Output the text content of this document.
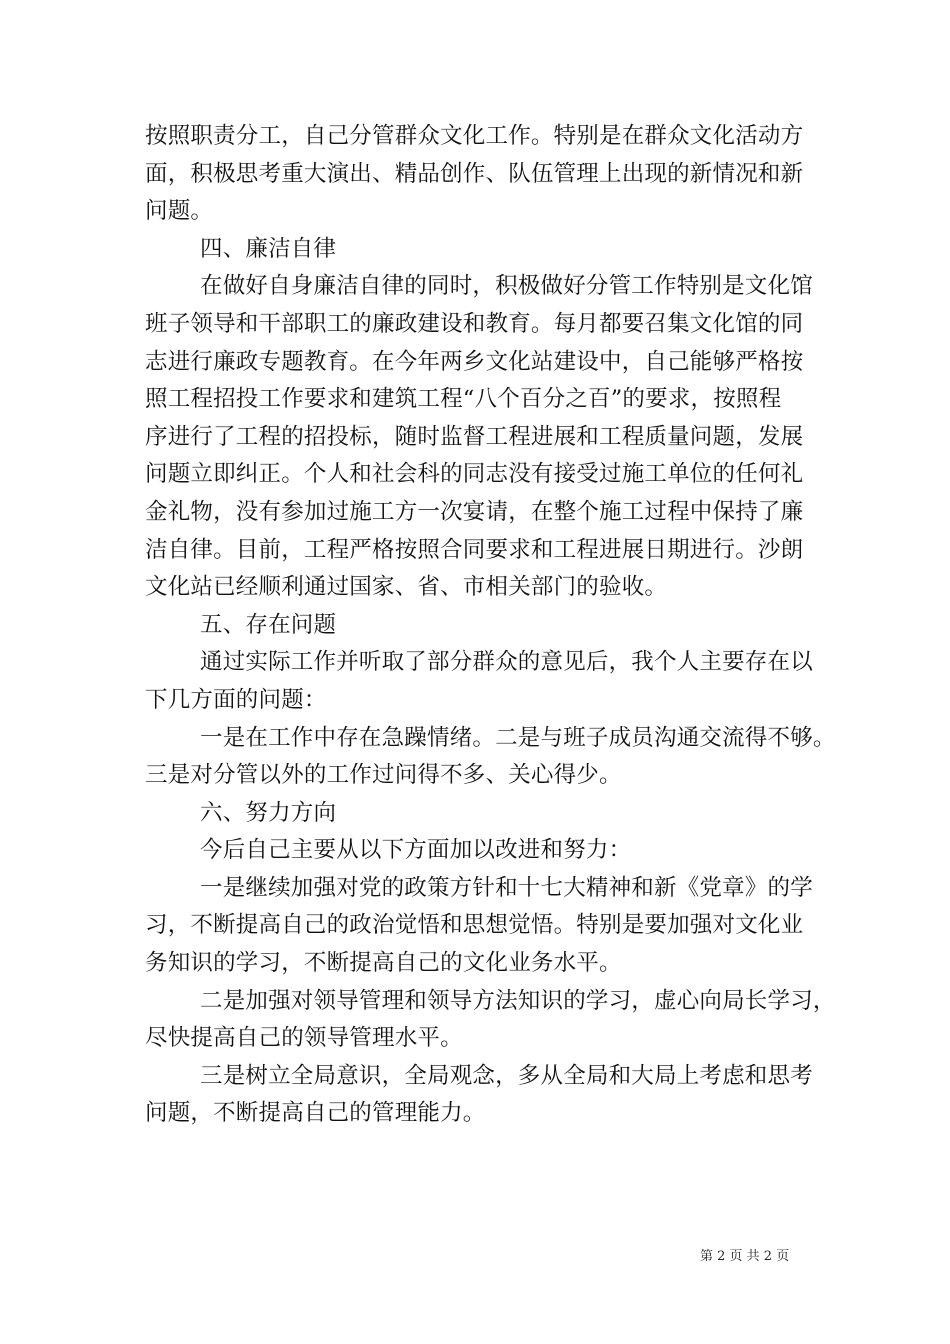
按照职责分工，自己分管群众文化工作。特别是在群众文化活动方
面，积极思考重大演出、精品创作、队伍管理上出现的新情况和新
问题。
四、廉洁自律
在做好自身廉洁自律的同时，积极做好分管工作特别是文化馆
班子领导和干部职工的廉政建设和教育。每月都要召集文化馆的同
志进行廉政专题教育。在今年两乡文化站建设中，自己能够严格按
照工程招投工作要求和建筑工程“八个百分之百”的要求，按照程
序进行了工程的招投标，随时监督工程进展和工程质量问题，发展
问题立即纠正。个人和社会科的同志没有接受过施工单位的任何礼
金礼物，没有参加过施工方一次宴请，在整个施工过程中保持了廉
洁自律。目前，工程严格按照合同要求和工程进展日期进行。沙朗
文化站已经顺利通过国家、省、市相关部门的验收。
五、存在问题
通过实际工作并听取了部分群众的意见后，我个人主要存在以
下几方面的问题：
一是在工作中存在急躁情绪。二是与班子成员沟通交流得不够。
三是对分管以外的工作过问得不多、关心得少。
六、努力方向
今后自己主要从以下方面加以改进和努力：
一是继续加强对党的政策方针和十七大精神和新《党章》的学
习，不断提高自己的政治觉悟和思想觉悟。特别是要加强对文化业
务知识的学习，不断提高自己的文化业务水平。
二是加强对领导管理和领导方法知识的学习，虚心向局长学习，
尽快提高自己的领导管理水平。
三是树立全局意识，全局观念，多从全局和大局上考虑和思考
问题，不断提高自己的管理能力。
第 2 页 共 2 页
